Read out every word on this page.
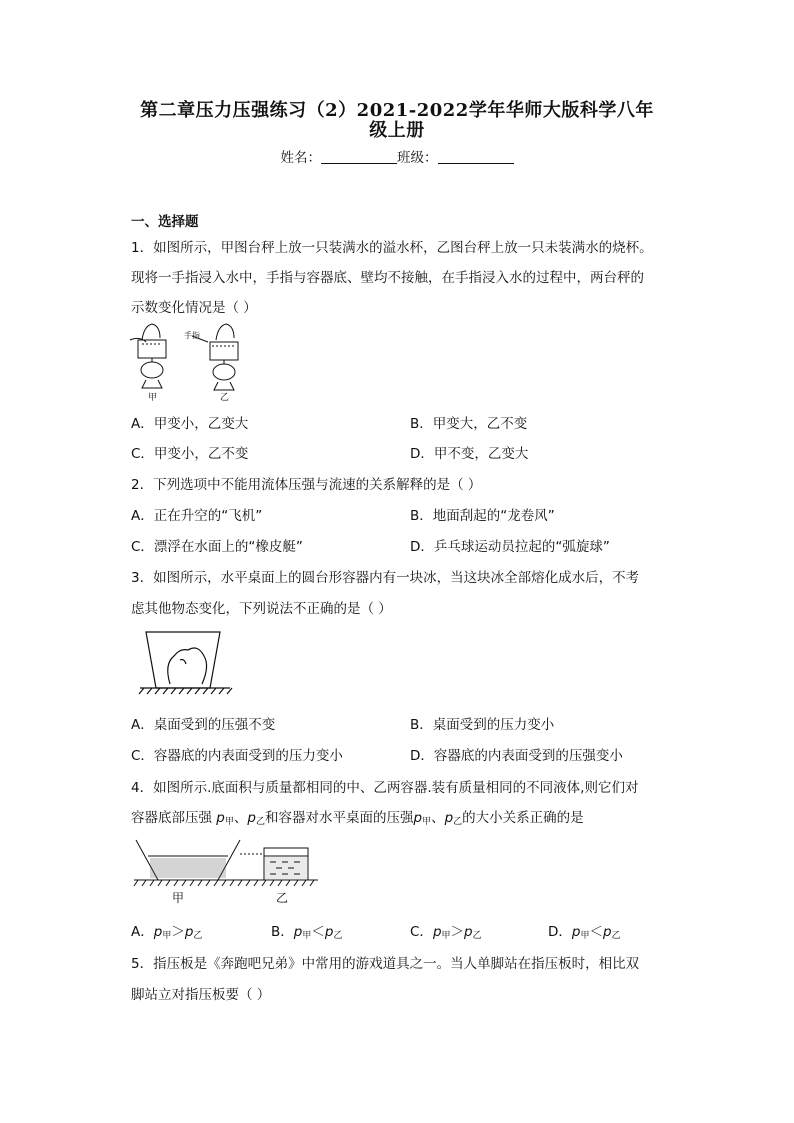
第二章压力压强练习（2）2021-2022学年华师大版科学八年
级上册
姓名：	班级：
一、选择题
1．如图所示，甲图台秤上放一只装满水的溢水杯，乙图台秤上放一只未装满水的烧杯。
现将一手指浸入水中，手指与容器底、壁均不接触，在手指浸入水的过程中，两台秤的
示数变化情况是（ ）
手指
甲	乙
A．甲变小，乙变大	B．甲变大，乙不变
C．甲变小，乙不变	D．甲不变，乙变大
2．下列选项中不能用流体压强与流速的关系解释的是（ ）
A．正在升空的“飞机”	B．地面刮起的“龙卷风”
C．漂浮在水面上的“橡皮艇”	D．乒乓球运动员拉起的“弧旋球”
3．如图所示，水平桌面上的圆台形容器内有一块冰，当这块冰全部熔化成水后，不考
虑其他物态变化，下列说法不正确的是（ ）
A．桌面受到的压强不变	B．桌面受到的压力变小
C．容器底的内表面受到的压力变小	D．容器底的内表面受到的压强变小
4．如图所示.底面积与质量都相同的中、乙两容器.装有质量相同的不同液体,则它们对
容器底部压强 $p_甲$、$p_乙$和容器对水平桌面的压强$p_甲$、$p_乙$的大小关系正确的是
甲	乙
A．$p_甲>p_乙$	B．$p_甲<p_乙$	C．$p_甲>p_乙$	D．$p_甲<p_乙$
5．指压板是《奔跑吧兄弟》中常用的游戏道具之一。当人单脚站在指压板时，相比双
脚站立对指压板要（ ）
